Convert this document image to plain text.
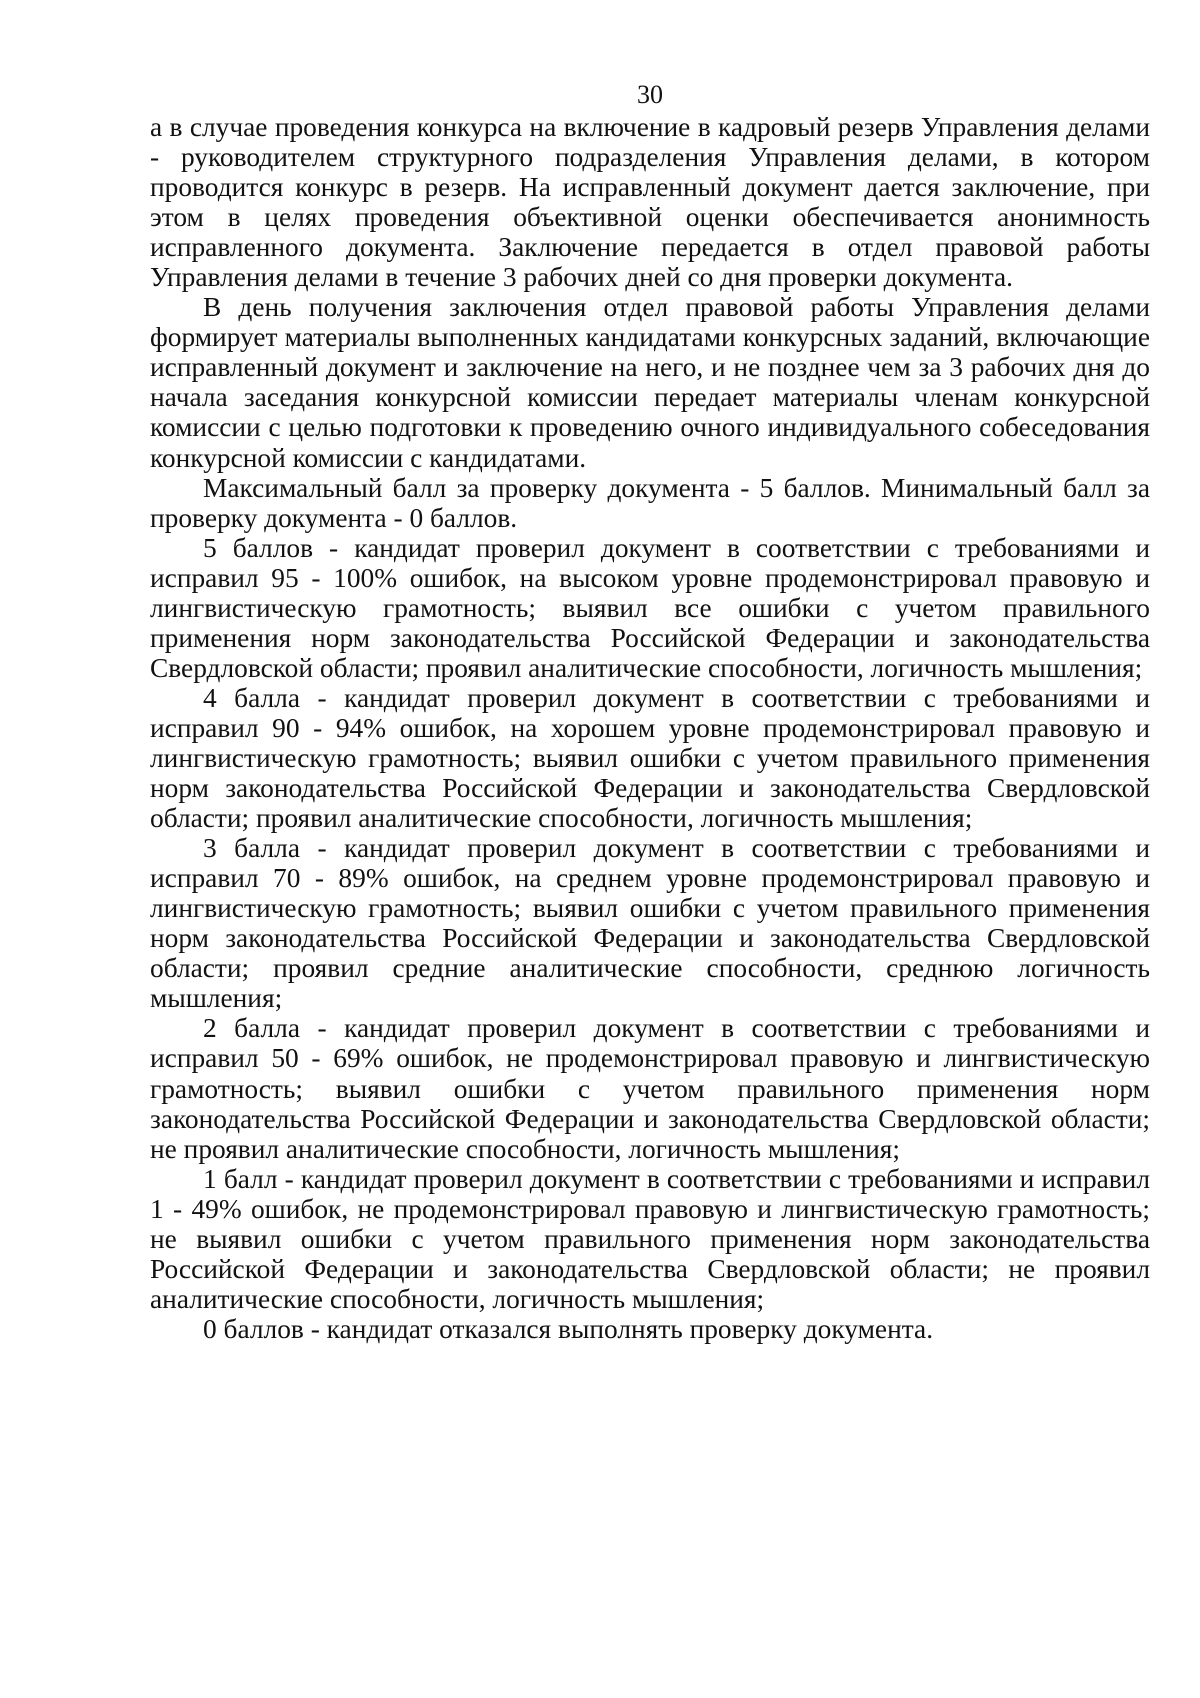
30

а в случае проведения конкурса на включение в кадровый резерв Управления делами - руководителем структурного подразделения Управления делами, в котором проводится конкурс в резерв. На исправленный документ дается заключение, при этом в целях проведения объективной оценки обеспечивается анонимность исправленного документа. Заключение передается в отдел правовой работы Управления делами в течение 3 рабочих дней со дня проверки документа.

В день получения заключения отдел правовой работы Управления делами формирует материалы выполненных кандидатами конкурсных заданий, включающие исправленный документ и заключение на него, и не позднее чем за 3 рабочих дня до начала заседания конкурсной комиссии передает материалы членам конкурсной комиссии с целью подготовки к проведению очного индивидуального собеседования конкурсной комиссии с кандидатами.

Максимальный балл за проверку документа - 5 баллов. Минимальный балл за проверку документа - 0 баллов.

5 баллов - кандидат проверил документ в соответствии с требованиями и исправил 95 - 100% ошибок, на высоком уровне продемонстрировал правовую и лингвистическую грамотность; выявил все ошибки с учетом правильного применения норм законодательства Российской Федерации и законодательства Свердловской области; проявил аналитические способности, логичность мышления;

4 балла - кандидат проверил документ в соответствии с требованиями и исправил 90 - 94% ошибок, на хорошем уровне продемонстрировал правовую и лингвистическую грамотность; выявил ошибки с учетом правильного применения норм законодательства Российской Федерации и законодательства Свердловской области; проявил аналитические способности, логичность мышления;

3 балла - кандидат проверил документ в соответствии с требованиями и исправил 70 - 89% ошибок, на среднем уровне продемонстрировал правовую и лингвистическую грамотность; выявил ошибки с учетом правильного применения норм законодательства Российской Федерации и законодательства Свердловской области; проявил средние аналитические способности, среднюю логичность мышления;

2 балла - кандидат проверил документ в соответствии с требованиями и исправил 50 - 69% ошибок, не продемонстрировал правовую и лингвистическую грамотность; выявил ошибки с учетом правильного применения норм законодательства Российской Федерации и законодательства Свердловской области; не проявил аналитические способности, логичность мышления;

1 балл - кандидат проверил документ в соответствии с требованиями и исправил 1 - 49% ошибок, не продемонстрировал правовую и лингвистическую грамотность; не выявил ошибки с учетом правильного применения норм законодательства Российской Федерации и законодательства Свердловской области; не проявил аналитические способности, логичность мышления;

0 баллов - кандидат отказался выполнять проверку документа.
